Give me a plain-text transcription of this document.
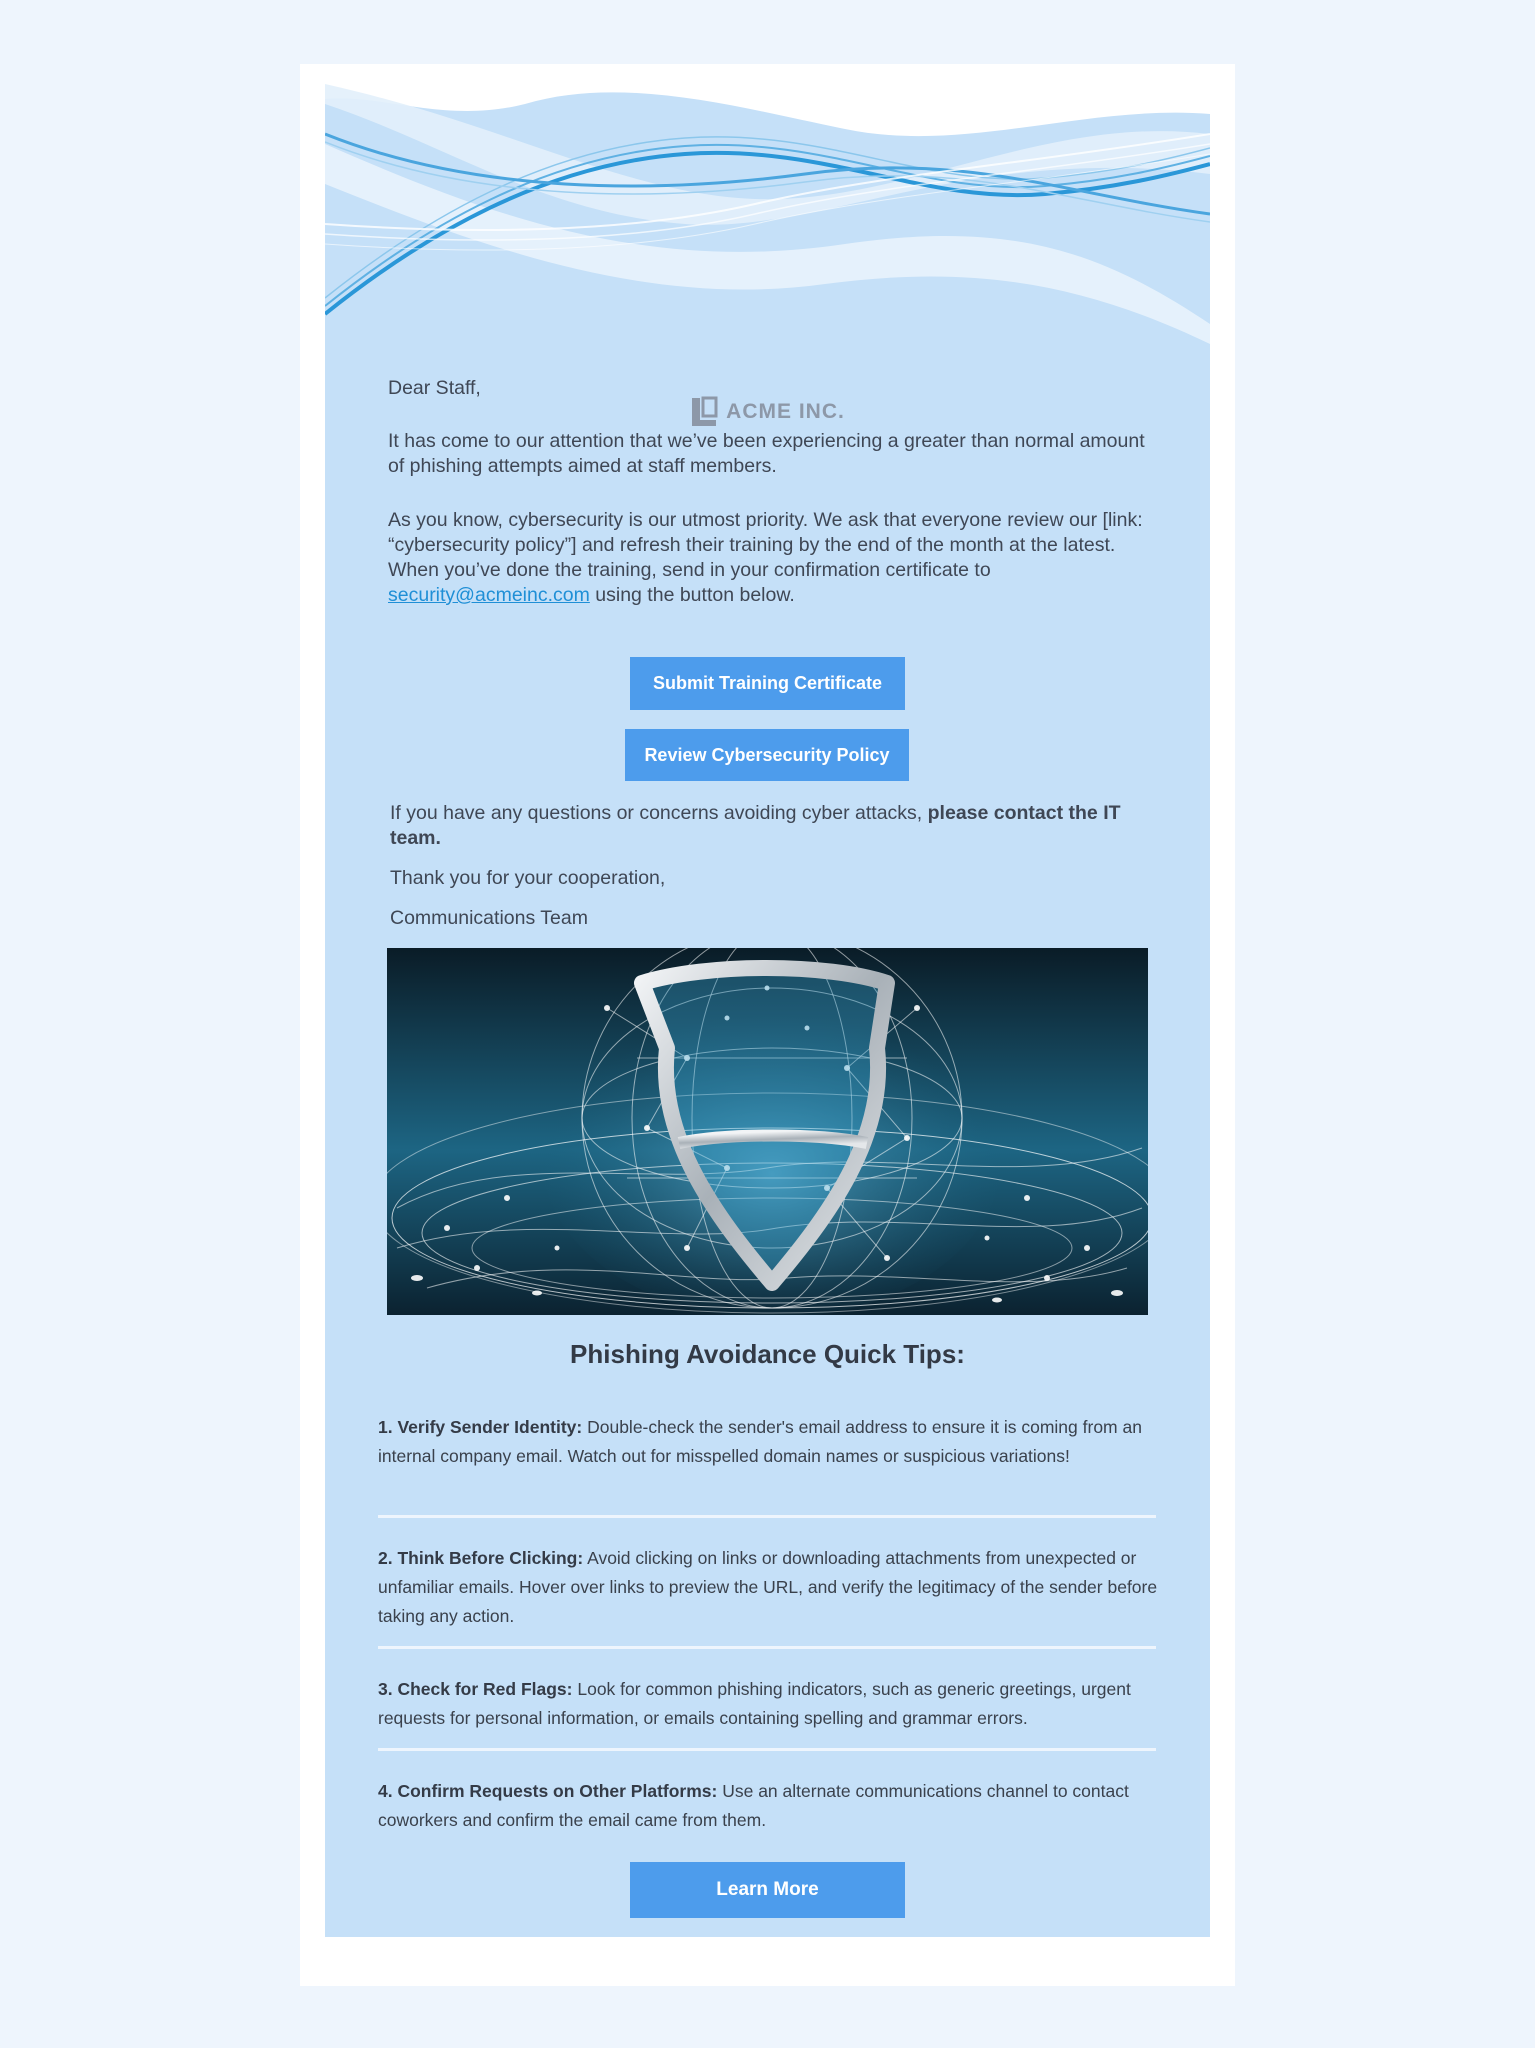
ACME INC.

Dear Staff,

It has come to our attention that we’ve been experiencing a greater than normal amount of phishing attempts aimed at staff members.

As you know, cybersecurity is our utmost priority. We ask that everyone review our [link: “cybersecurity policy”] and refresh their training by the end of the month at the latest. When you’ve done the training, send in your confirmation certificate to security@acmeinc.com using the button below.

Submit Training Certificate
Review Cybersecurity Policy

If you have any questions or concerns avoiding cyber attacks, please contact the IT team.

Thank you for your cooperation,

Communications Team

Phishing Avoidance Quick Tips:
1. Verify Sender Identity: Double-check the sender's email address to ensure it is coming from an internal company email. Watch out for misspelled domain names or suspicious variations!
2. Think Before Clicking: Avoid clicking on links or downloading attachments from unexpected or unfamiliar emails. Hover over links to preview the URL, and verify the legitimacy of the sender before taking any action.
3. Check for Red Flags: Look for common phishing indicators, such as generic greetings, urgent requests for personal information, or emails containing spelling and grammar errors.
4. Confirm Requests on Other Platforms: Use an alternate communications channel to contact coworkers and confirm the email came from them.
Learn More
